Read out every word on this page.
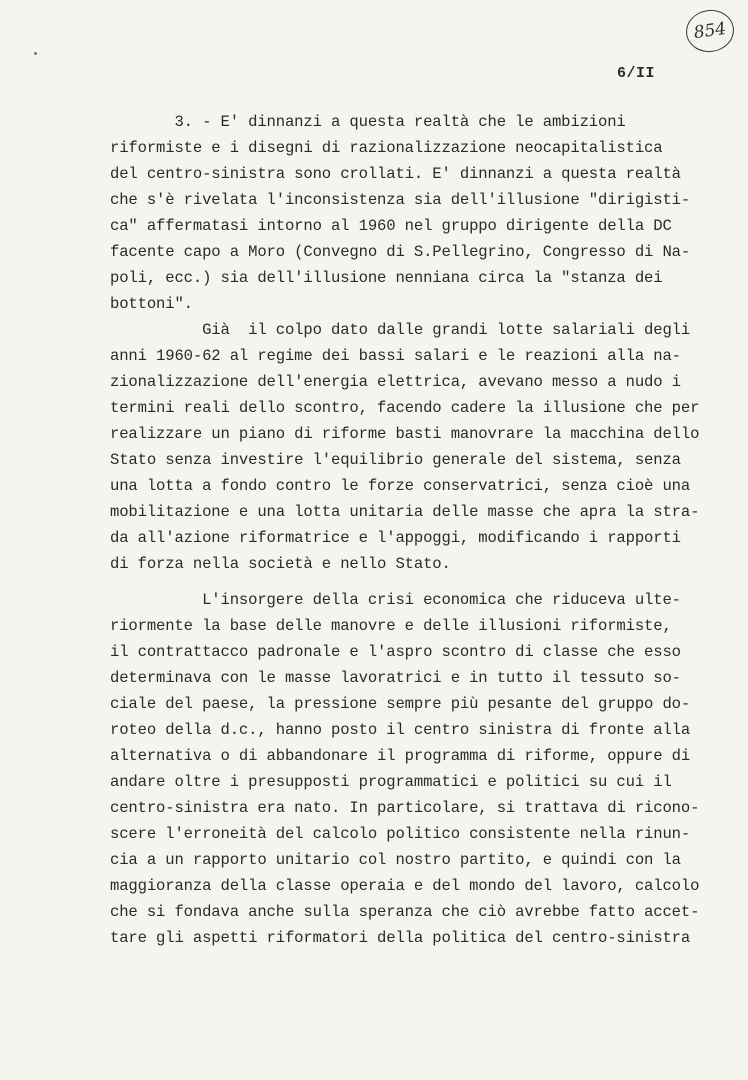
854
6/II
3. - E' dinnanzi a questa realtà che le ambizioni
riformiste e i disegni di razionalizzazione neocapitalistica
del centro-sinistra sono crollati. E' dinnanzi a questa realtà
che s'è rivelata l'inconsistenza sia dell'illusione "dirigisti-
ca" affermatasi intorno al 1960 nel gruppo dirigente della DC
facente capo a Moro (Convegno di S.Pellegrino, Congresso di Na-
poli, ecc.) sia dell'illusione nenniana circa la "stanza dei
bottoni".
Già  il colpo dato dalle grandi lotte salariali degli
anni 1960-62 al regime dei bassi salari e le reazioni alla na-
zionalizzazione dell'energia elettrica, avevano messo a nudo i
termini reali dello scontro, facendo cadere la illusione che per
realizzare un piano di riforme basti manovrare la macchina dello
Stato senza investire l'equilibrio generale del sistema, senza
una lotta a fondo contro le forze conservatrici, senza cioè una
mobilitazione e una lotta unitaria delle masse che apra la stra-
da all'azione riformatrice e l'appoggi, modificando i rapporti
di forza nella società e nello Stato.
L'insorgere della crisi economica che riduceva ulte-
riormente la base delle manovre e delle illusioni riformiste,
il contrattacco padronale e l'aspro scontro di classe che esso
determinava con le masse lavoratrici e in tutto il tessuto so-
ciale del paese, la pressione sempre più pesante del gruppo do-
roteo della d.c., hanno posto il centro sinistra di fronte alla
alternativa o di abbandonare il programma di riforme, oppure di
andare oltre i presupposti programmatici e politici su cui il
centro-sinistra era nato. In particolare, si trattava di ricono-
scere l'erroneità del calcolo politico consistente nella rinun-
cia a un rapporto unitario col nostro partito, e quindi con la
maggioranza della classe operaia e del mondo del lavoro, calcolo
che si fondava anche sulla speranza che ciò avrebbe fatto accet-
tare gli aspetti riformatori della politica del centro-sinistra
